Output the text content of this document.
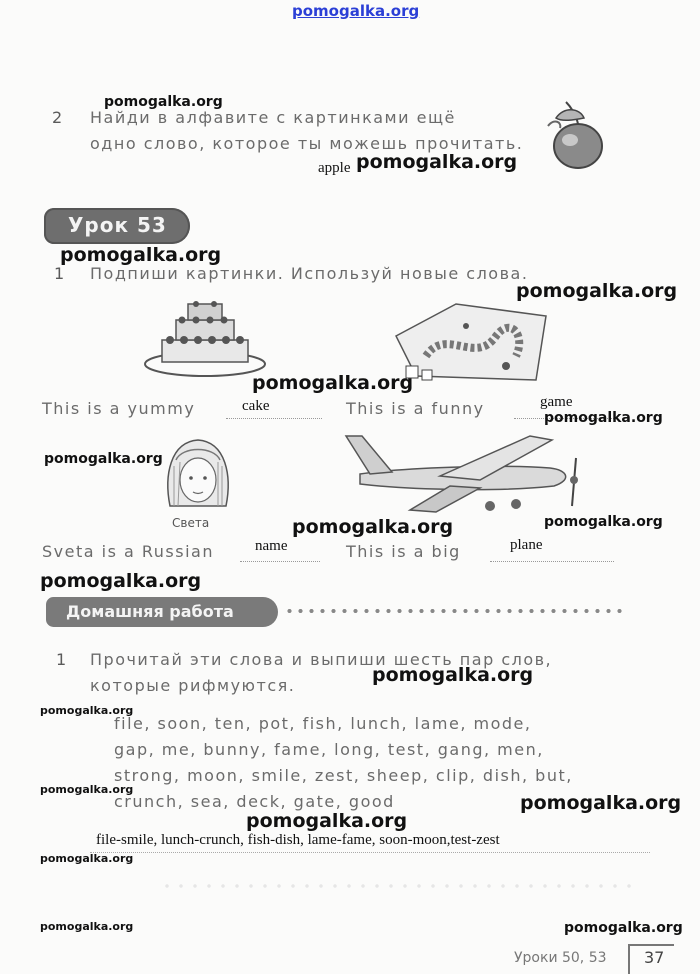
pomogalka.org
2 Найди в алфавите с картинками ещё
одно слово, которое ты можешь прочитать.
apple
pomogalka.org
pomogalka.org
Урок 53
pomogalka.org
1 Подпиши картинки. Используй новые слова.
pomogalka.org
pomogalka.org
This is a yummy	cake	This is a funny	game
pomogalka.org
pomogalka.org
Света	pomogalka.org	pomogalka.org
Sveta is a Russian	name	This is a big	plane
pomogalka.org
Домашняя работа
1 Прочитай эти слова и выпиши шесть пар слов,
которые рифмуются.	pomogalka.org
pomogalka.org
file, soon, ten, pot, fish, lunch, lame, mode,
gap, me, bunny, fame, long, test, gang, men,
strong, moon, smile, zest, sheep, clip, dish, but,
crunch, sea, deck, gate, good
pomogalka.org
pomogalka.org
pomogalka.org
file-smile, lunch-crunch, fish-dish, lame-fame, soon-moon,test-zest
pomogalka.org
pomogalka.org	pomogalka.org
Уроки 50, 53 37
